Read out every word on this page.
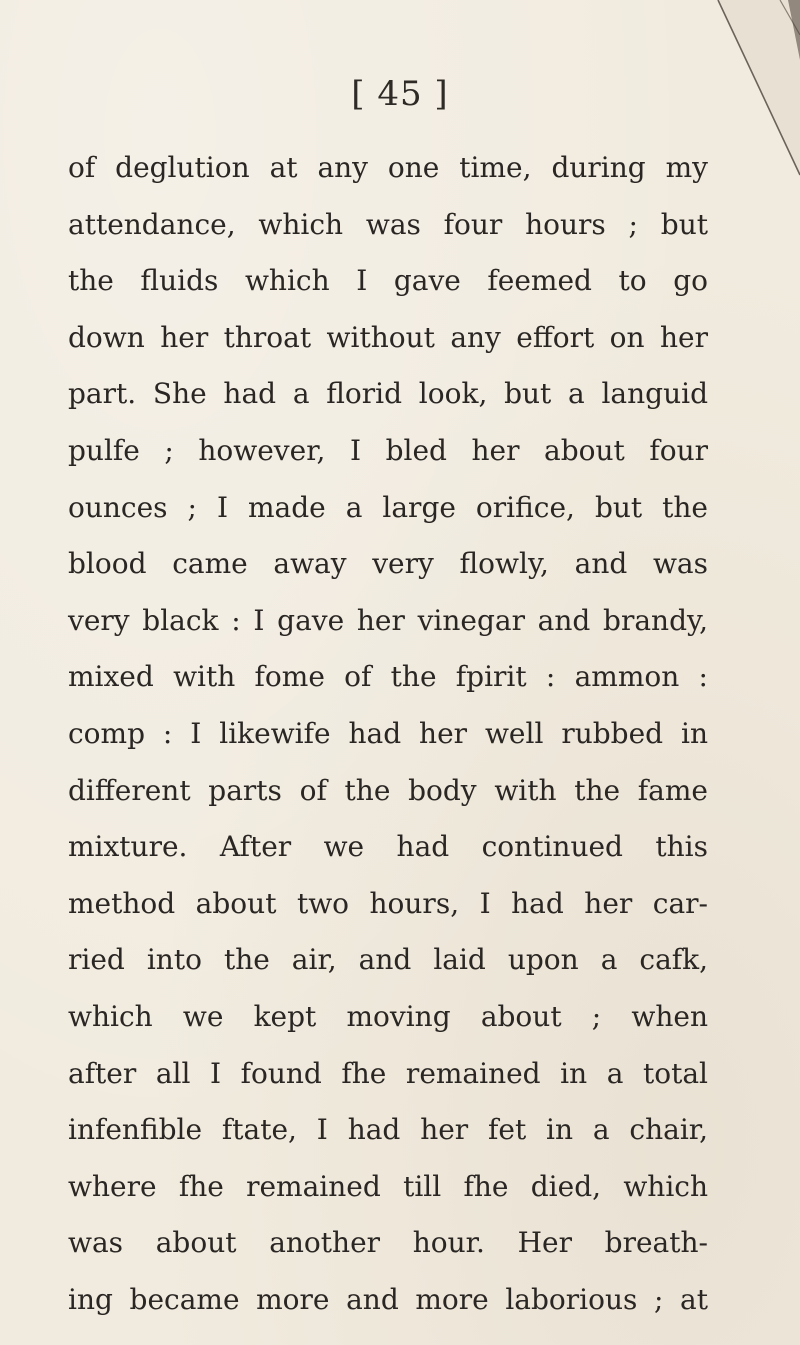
[ 45 ]
of deglution at any one time, during my
attendance, which was four hours ; but
the fluids which I gave feemed to go
down her throat without any effort on her
part. She had a florid look, but a languid
pulfe ; however, I bled her about four
ounces ; I made a large orifice, but the
blood came away very flowly, and was
very black : I gave her vinegar and brandy,
mixed with fome of the fpirit : ammon :
comp : I likewife had her well rubbed in
different parts of the body with the fame
mixture. After we had continued this
method about two hours, I had her car-
ried into the air, and laid upon a cafk,
which we kept moving about ; when
after all I found fhe remained in a total
infenfible ftate, I had her fet in a chair,
where fhe remained till fhe died, which
was about another hour. Her breath-
ing became more and more laborious ; at
